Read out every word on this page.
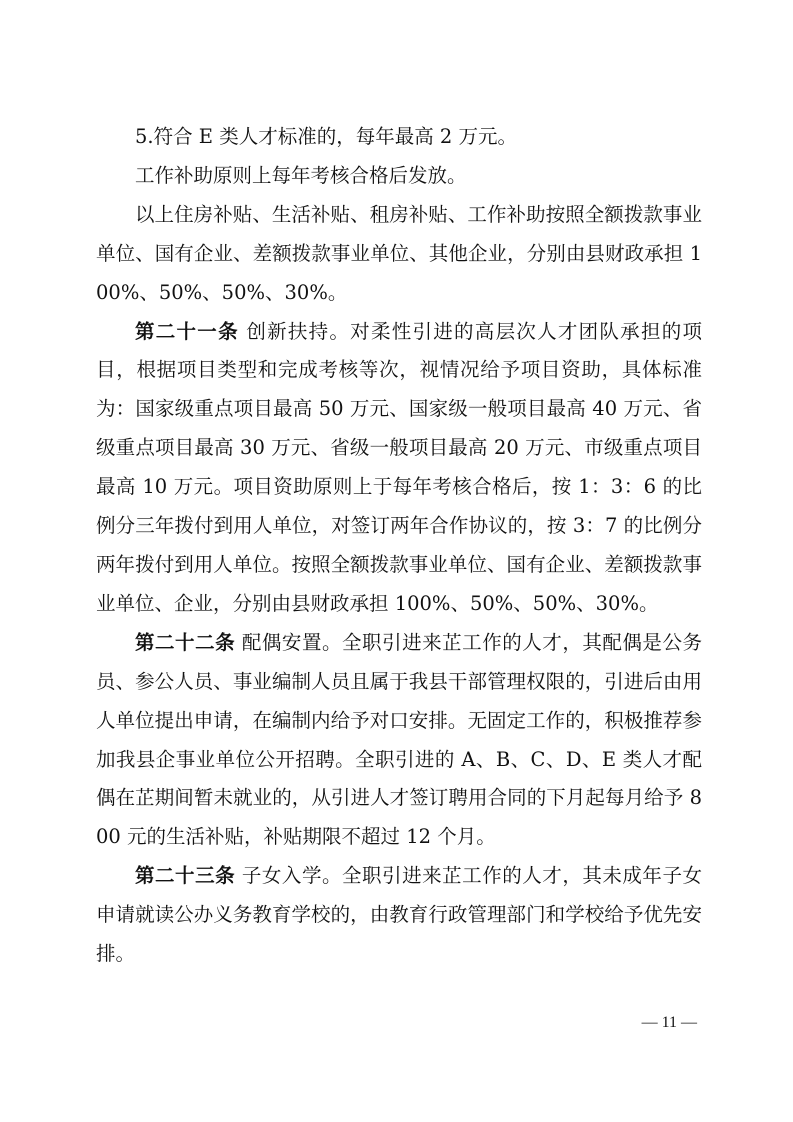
5.符合 E 类人才标准的，每年最高 2 万元。

工作补助原则上每年考核合格后发放。

以上住房补贴、生活补贴、租房补贴、工作补助按照全额拨款事业单位、国有企业、差额拨款事业单位、其他企业，分别由县财政承担 100%、50%、50%、30%。

第二十一条 创新扶持。对柔性引进的高层次人才团队承担的项目，根据项目类型和完成考核等次，视情况给予项目资助，具体标准为：国家级重点项目最高 50 万元、国家级一般项目最高 40 万元、省级重点项目最高 30 万元、省级一般项目最高 20 万元、市级重点项目最高 10 万元。项目资助原则上于每年考核合格后，按 1：3：6 的比例分三年拨付到用人单位，对签订两年合作协议的，按 3：7 的比例分两年拨付到用人单位。按照全额拨款事业单位、国有企业、差额拨款事业单位、企业，分别由县财政承担 100%、50%、50%、30%。

第二十二条 配偶安置。全职引进来芷工作的人才，其配偶是公务员、参公人员、事业编制人员且属于我县干部管理权限的，引进后由用人单位提出申请，在编制内给予对口安排。无固定工作的，积极推荐参加我县企事业单位公开招聘。全职引进的 A、B、C、D、E 类人才配偶在芷期间暂未就业的，从引进人才签订聘用合同的下月起每月给予 800 元的生活补贴，补贴期限不超过 12 个月。

第二十三条 子女入学。全职引进来芷工作的人才，其未成年子女申请就读公办义务教育学校的，由教育行政管理部门和学校给予优先安排。

— 11 —
